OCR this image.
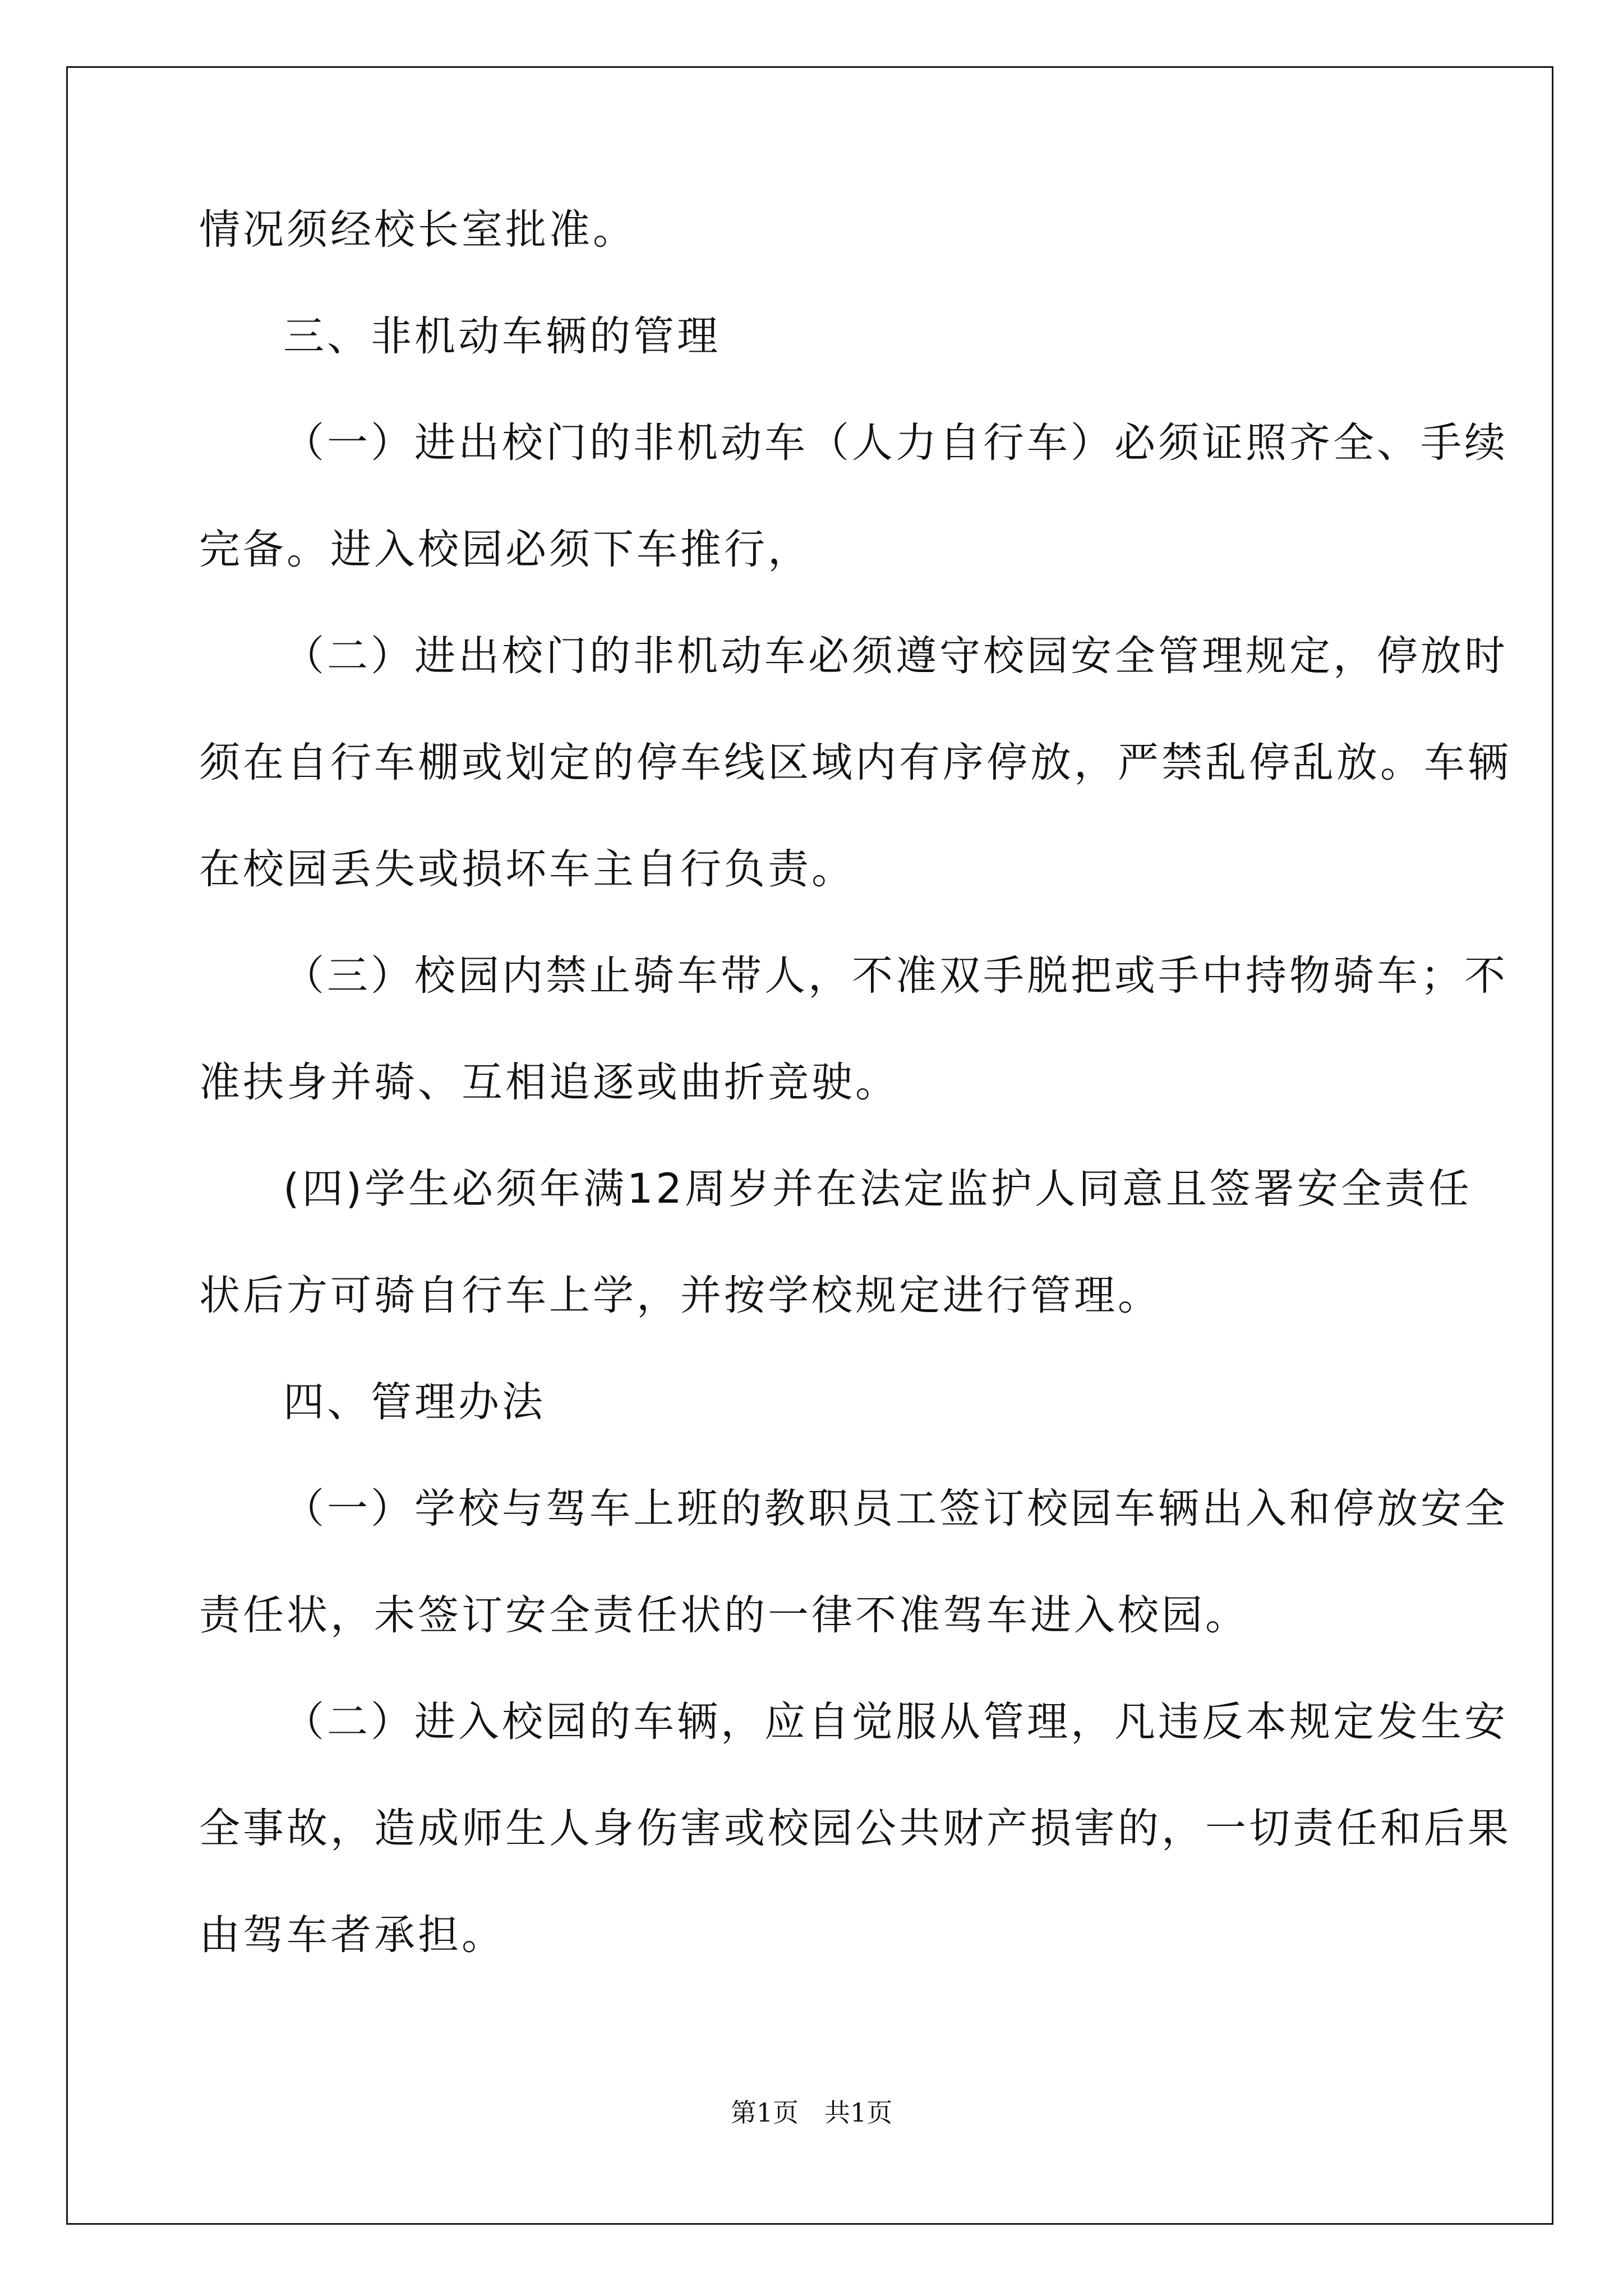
情况须经校长室批准。
三、非机动车辆的管理
（一）进出校门的非机动车（人力自行车）必须证照齐全、手续
完备。进入校园必须下车推行，
（二）进出校门的非机动车必须遵守校园安全管理规定，停放时
须在自行车棚或划定的停车线区域内有序停放，严禁乱停乱放。车辆
在校园丢失或损坏车主自行负责。
（三）校园内禁止骑车带人，不准双手脱把或手中持物骑车；不
准扶身并骑、互相追逐或曲折竞驶。
(四)学生必须年满12周岁并在法定监护人同意且签署安全责任
状后方可骑自行车上学，并按学校规定进行管理。
四、管理办法
（一）学校与驾车上班的教职员工签订校园车辆出入和停放安全
责任状，未签订安全责任状的一律不准驾车进入校园。
（二）进入校园的车辆，应自觉服从管理，凡违反本规定发生安
全事故，造成师生人身伤害或校园公共财产损害的，一切责任和后果
由驾车者承担。
第1页　共1页
